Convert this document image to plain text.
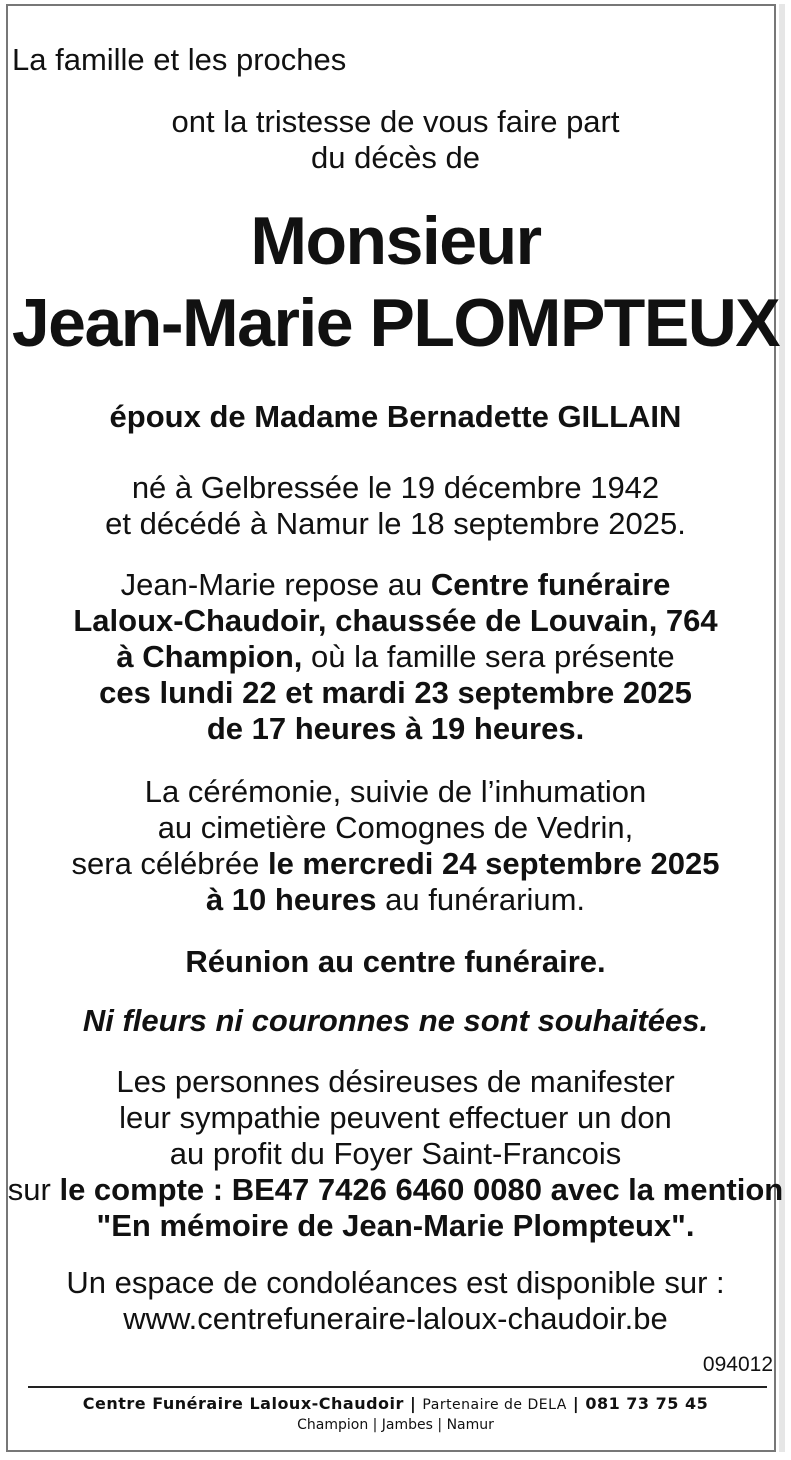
La famille et les proches
ont la tristesse de vous faire part
du décès de
Monsieur
Jean-Marie PLOMPTEUX
époux de Madame Bernadette GILLAIN
né à Gelbressée le 19 décembre 1942
et décédé à Namur le 18 septembre 2025.
Jean-Marie repose au Centre funéraire
Laloux-Chaudoir, chaussée de Louvain, 764
à Champion, où la famille sera présente
ces lundi 22 et mardi 23 septembre 2025
de 17 heures à 19 heures.
La cérémonie, suivie de l’inhumation
au cimetière Comognes de Vedrin,
sera célébrée le mercredi 24 septembre 2025
à 10 heures au funérarium.
Réunion au centre funéraire.
Ni fleurs ni couronnes ne sont souhaitées.
Les personnes désireuses de manifester
leur sympathie peuvent effectuer un don
au profit du Foyer Saint-Francois
sur le compte : BE47 7426 6460 0080 avec la mention
"En mémoire de Jean-Marie Plompteux".
Un espace de condoléances est disponible sur :
www.centrefuneraire-laloux-chaudoir.be
094012
Centre Funéraire Laloux-Chaudoir | Partenaire de DELA | 081 73 75 45
Champion | Jambes | Namur
